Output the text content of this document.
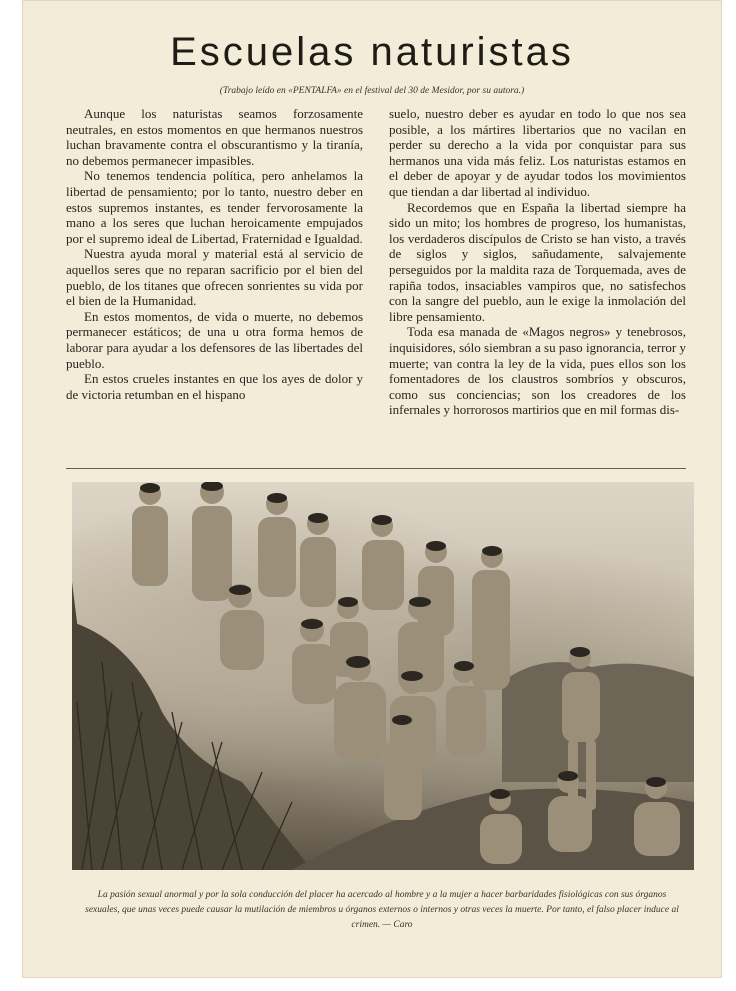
Escuelas naturistas
(Trabajo leído en «PENTALFA» en el festival del 30 de Mesidor, por su autora.)

Aunque los naturistas seamos forzosamente neutrales, en estos momentos en que hermanos nuestros luchan bravamente contra el obscurantismo y la tiranía, no debemos permanecer impasibles.

No tenemos tendencia política, pero anhelamos la libertad de pensamiento; por lo tanto, nuestro deber en estos supremos instantes, es tender fervorosamente la mano a los seres que luchan heroicamente empujados por el supremo ideal de Libertad, Fraternidad e Igualdad.

Nuestra ayuda moral y material está al servicio de aquellos seres que no reparan sacrificio por el bien del pueblo, de los titanes que ofrecen sonrientes su vida por el bien de la Humanidad.

En estos momentos, de vida o muerte, no debemos permanecer estáticos; de una u otra forma hemos de laborar para ayudar a los defensores de las libertades del pueblo.

En estos crueles instantes en que los ayes de dolor y de victoria retumban en el hispano

suelo, nuestro deber es ayudar en todo lo que nos sea posible, a los mártires libertarios que no vacilan en perder su derecho a la vida por conquistar para sus hermanos una vida más feliz. Los naturistas estamos en el deber de apoyar y de ayudar todos los movimientos que tiendan a dar libertad al individuo.

Recordemos que en España la libertad siempre ha sido un mito; los hombres de progreso, los humanistas, los verdaderos discípulos de Cristo se han visto, a través de siglos y siglos, sañudamente, salvajemente perseguidos por la maldita raza de Torquemada, aves de rapiña todos, insaciables vampiros que, no satisfechos con la sangre del pueblo, aun le exige la inmolación del libre pensamiento.

Toda esa manada de «Magos negros» y tenebrosos, inquisidores, sólo siembran a su paso ignorancia, terror y muerte; van contra la ley de la vida, pues ellos son los fomentadores de los claustros sombríos y obscuros, como sus conciencias; son los creadores de los infernales y horrorosos martirios que en mil formas dis-

La pasión sexual anormal y por la sola conducción del placer ha acercado al hombre y a la mujer a hacer barbaridades fisiológicas con sus órganos sexuales, que unas veces puede causar la mutilación de miembros u órganos externos o internos y otras veces la muerte. Por tanto, el falso placer induce al crimen. — Caro
